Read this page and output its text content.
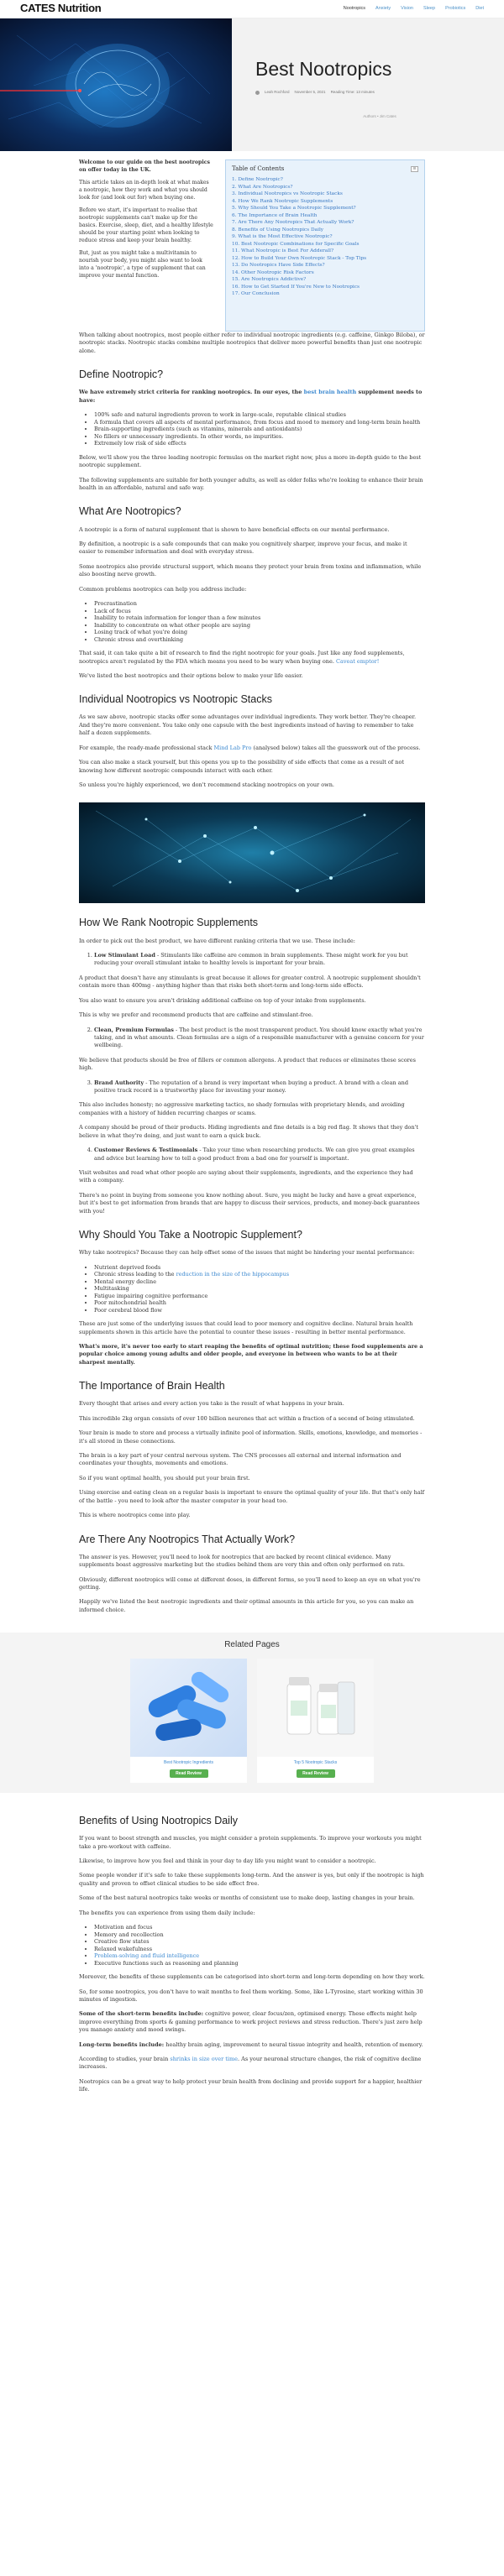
CATES Nutrition	Nootropics Anxiety Vision Sleep Probiotics Diet
Best Nootropics
Leah Rochford November 5, 2021 Reading Time: 13 minutes
Authors • Jim Cates

Welcome to our guide on the best nootropics on offer today in the UK.

This article takes an in-depth look at what makes a nootropic, how they work and what you should look for (and look out for) when buying one.

Before we start, it's important to realise that nootropic supplements can't make up for the basics. Exercise, sleep, diet, and a healthy lifestyle should be your starting point when looking to reduce stress and keep your brain healthy.

But, just as you might take a multivitamin to nourish your body, you might also want to look into a 'nootropic', a type of supplement that can improve your mental function.

Table of Contents	≡
1. Define Nootropic?
2. What Are Nootropics?
3. Individual Nootropics vs Nootropic Stacks
4. How We Rank Nootropic Supplements
5. Why Should You Take a Nootropic Supplement?
6. The Importance of Brain Health
7. Are There Any Nootropics That Actually Work?
8. Benefits of Using Nootropics Daily
9. What is the Most Effective Nootropic?
10. Best Nootropic Combinations for Specific Goals
11. What Nootropic is Best For Adderall?
12. How to Build Your Own Nootropic Stack - Top Tips
13. Do Nootropics Have Side Effects?
14. Other Nootropic Risk Factors
15. Are Nootropics Addictive?
16. How to Get Started If You're New to Nootropics
17. Our Conclusion

When talking about nootropics, most people either refer to individual nootropic ingredients (e.g. caffeine, Ginkgo Biloba), or nootropic stacks. Nootropic stacks combine multiple nootropics that deliver more powerful benefits than just one nootropic alone.

Define Nootropic?

We have extremely strict criteria for ranking nootropics. In our eyes, the best brain health supplement needs to have:

• 100% safe and natural ingredients proven to work in large-scale, reputable clinical studies
• A formula that covers all aspects of mental performance, from focus and mood to memory and long-term brain health
• Brain-supporting ingredients (such as vitamins, minerals and antioxidants)
• No fillers or unnecessary ingredients. In other words, no impurities.
• Extremely low risk of side effects

Below, we'll show you the three leading nootropic formulas on the market right now, plus a more in-depth guide to the best nootropic supplement.

The following supplements are suitable for both younger adults, as well as older folks who're looking to enhance their brain health in an affordable, natural and safe way.

What Are Nootropics?

A nootropic is a form of natural supplement that is shown to have beneficial effects on our mental performance.

By definition, a nootropic is a safe compounds that can make you cognitively sharper, improve your focus, and make it easier to remember information and deal with everyday stress.

Some nootropics also provide structural support, which means they protect your brain from toxins and inflammation, while also boosting nerve growth.

Common problems nootropics can help you address include:

• Procrastination
• Lack of focus
• Inability to retain information for longer than a few minutes
• Inability to concentrate on what other people are saying
• Losing track of what you're doing
• Chronic stress and overthinking

That said, it can take quite a bit of research to find the right nootropic for your goals. Just like any food supplements, nootropics aren't regulated by the FDA which means you need to be wary when buying one. Caveat emptor!

We've listed the best nootropics and their options below to make your life easier.

Individual Nootropics vs Nootropic Stacks

As we saw above, nootropic stacks offer some advantages over individual ingredients. They work better. They're cheaper. And they're more convenient. You take only one capsule with the best ingredients instead of having to remember to take half a dozen supplements.

For example, the ready-made professional stack Mind Lab Pro (analysed below) takes all the guesswork out of the process.

You can also make a stack yourself, but this opens you up to the possibility of side effects that come as a result of not knowing how different nootropic compounds interact with each other.

So unless you're highly experienced, we don't recommend stacking nootropics on your own.

How We Rank Nootropic Supplements

In order to pick out the best product, we have different ranking criteria that we use. These include:

1. Low Stimulant Load - Stimulants like caffeine are common in brain supplements. These might work for you but reducing your overall stimulant intake to healthy levels is important for your brain.

A product that doesn't have any stimulants is great because it allows for greater control. A nootropic supplement shouldn't contain more than 400mg - anything higher than that risks both short-term and long-term side effects.

You also want to ensure you aren't drinking additional caffeine on top of your intake from supplements.

This is why we prefer and recommend products that are caffeine and stimulant-free.

2. Clean, Premium Formulas - The best product is the most transparent product. You should know exactly what you're taking, and in what amounts. Clean formulas are a sign of a responsible manufacturer with a genuine concern for your wellbeing.

We believe that products should be free of fillers or common allergens. A product that reduces or eliminates these scores high.

3. Brand Authority - The reputation of a brand is very important when buying a product. A brand with a clean and positive track record is a trustworthy place for investing your money.

This also includes honesty; no aggressive marketing tactics, no shady formulas with proprietary blends, and avoiding companies with a history of hidden recurring charges or scams.

A company should be proud of their products. Hiding ingredients and fine details is a big red flag. It shows that they don't believe in what they're doing, and just want to earn a quick buck.

4. Customer Reviews & Testimonials - Take your time when researching products. We can give you great examples and advice but learning how to tell a good product from a bad one for yourself is important.

Visit websites and read what other people are saying about their supplements, ingredients, and the experience they had with a company.

There's no point in buying from someone you know nothing about. Sure, you might be lucky and have a great experience, but it's best to get information from brands that are happy to discuss their services, products, and money-back guarantees with you!

Why Should You Take a Nootropic Supplement?

Why take nootropics? Because they can help offset some of the issues that might be hindering your mental performance:

• Nutrient deprived foods
• Chronic stress leading to the reduction in the size of the hippocampus
• Mental energy decline
• Multitasking
• Fatigue impairing cognitive performance
• Poor mitochondrial health
• Poor cerebral blood flow

These are just some of the underlying issues that could lead to poor memory and cognitive decline. Natural brain health supplements shown in this article have the potential to counter these issues - resulting in better mental performance.

What's more, it's never too early to start reaping the benefits of optimal nutrition; these food supplements are a popular choice among young adults and older people, and everyone in between who wants to be at their sharpest mentally.

The Importance of Brain Health

Every thought that arises and every action you take is the result of what happens in your brain.

This incredible 2kg organ consists of over 100 billion neurones that act within a fraction of a second of being stimulated.

Your brain is made to store and process a virtually infinite pool of information. Skills, emotions, knowledge, and memories - it's all stored in these connections.

The brain is a key part of your central nervous system. The CNS processes all external and internal information and coordinates your thoughts, movements and emotions.

So if you want optimal health, you should put your brain first.

Using exercise and eating clean on a regular basis is important to ensure the optimal quality of your life. But that's only half of the battle - you need to look after the master computer in your head too.

This is where nootropics come into play.

Are There Any Nootropics That Actually Work?

The answer is yes. However, you'll need to look for nootropics that are backed by recent clinical evidence. Many supplements boast aggressive marketing but the studies behind them are very thin and often only performed on rats.

Obviously, different nootropics will come at different doses, in different forms, so you'll need to keep an eye on what you're getting.

Happily we've listed the best nootropic ingredients and their optimal amounts in this article for you, so you can make an informed choice.

Related Pages
Best Nootropic Ingredients
Read Review
Top 5 Nootropic Stacks
Read Review
Benefits of Using Nootropics Daily

If you want to boost strength and muscles, you might consider a protein supplements. To improve your workouts you might take a pre-workout with caffeine.

Likewise, to improve how you feel and think in your day to day life you might want to consider a nootropic.

Some people wonder if it's safe to take these supplements long-term. And the answer is yes, but only if the nootropic is high quality and proven to offset clinical studies to be side effect free.

Some of the best natural nootropics take weeks or months of consistent use to make deep, lasting changes in your brain.

The benefits you can experience from using them daily include:

• Motivation and focus
• Memory and recollection
• Creative flow states
• Relaxed wakefulness
• Problem-solving and fluid intelligence
• Executive functions such as reasoning and planning

Moreover, the benefits of these supplements can be categorised into short-term and long-term depending on how they work.

So, for some nootropics, you don't have to wait months to feel them working. Some, like L-Tyrosine, start working within 30 minutes of ingestion.

Some of the short-term benefits include: cognitive power, clear focus/zen, optimised energy. These effects might help improve everything from sports & gaming performance to work project reviews and stress reduction. There's just zero help you manage anxiety and mood swings.

Long-term benefits include: healthy brain aging, improvement to neural tissue integrity and health, retention of memory.

According to studies, your brain shrinks in size over time. As your neuronal structure changes, the risk of cognitive decline increases.

Nootropics can be a great way to help protect your brain health from declining and provide support for a happier, healthier life.
